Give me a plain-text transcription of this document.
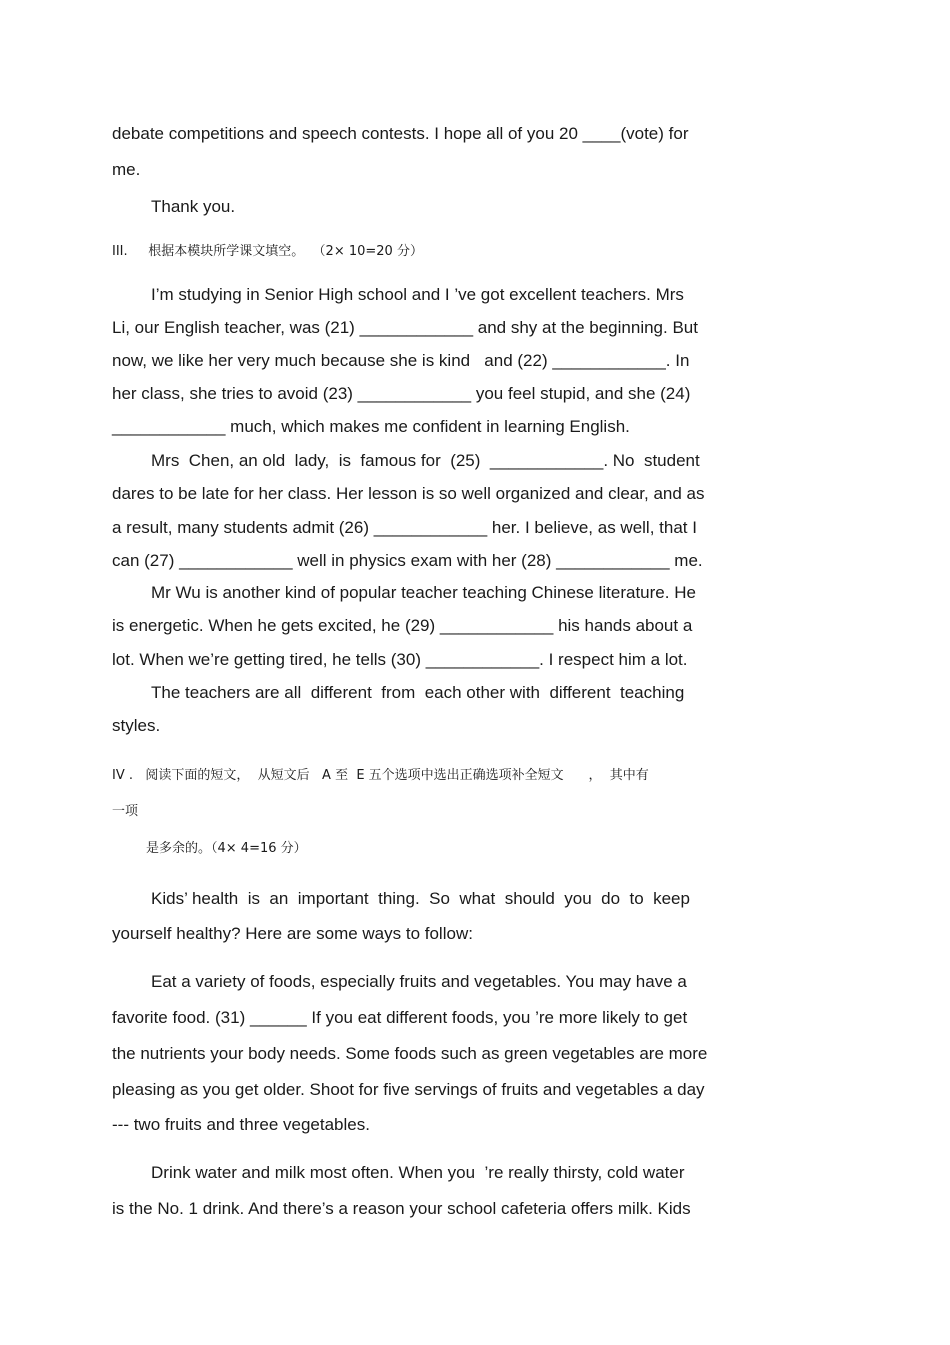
debate competitions and speech contests. I hope all of you 20 ____(vote) for
me.
Thank you.
III.     根据本模块所学课文填空。  （2× 10=20 分）
I’m studying in Senior High school and I ’ve got excellent teachers. Mrs
Li, our English teacher, was (21) ____________ and shy at the beginning. But
now, we like her very much because she is kind   and (22) ____________. In
her class, she tries to avoid (23) ____________ you feel stupid, and she (24)
____________ much, which makes me confident in learning English.
Mrs  Chen, an old  lady,  is  famous for  (25)  ____________. No  student
dares to be late for her class. Her lesson is so well organized and clear, and as
a result, many students admit (26) ____________ her. I believe, as well, that I
can (27) ____________ well in physics exam with her (28) ____________ me.
Mr Wu is another kind of popular teacher teaching Chinese literature. He
is energetic. When he gets excited, he (29) ____________ his hands about a
lot. When we’re getting tired, he tells (30) ____________. I respect him a lot.
The teachers are all  different  from  each other with  different  teaching
styles.
IV .   阅读下面的短文，  从短文后   A 至  E 五个选项中选出正确选项补全短文      ，  其中有
一项
是多余的。（4× 4=16 分）
Kids’ health  is  an  important  thing.  So  what  should  you  do  to  keep
yourself healthy? Here are some ways to follow:
Eat a variety of foods, especially fruits and vegetables. You may have a
favorite food. (31) ______ If you eat different foods, you ’re more likely to get
the nutrients your body needs. Some foods such as green vegetables are more
pleasing as you get older. Shoot for five servings of fruits and vegetables a day
--- two fruits and three vegetables.
Drink water and milk most often. When you  ’re really thirsty, cold water
is the No. 1 drink. And there’s a reason your school cafeteria offers milk. Kids
